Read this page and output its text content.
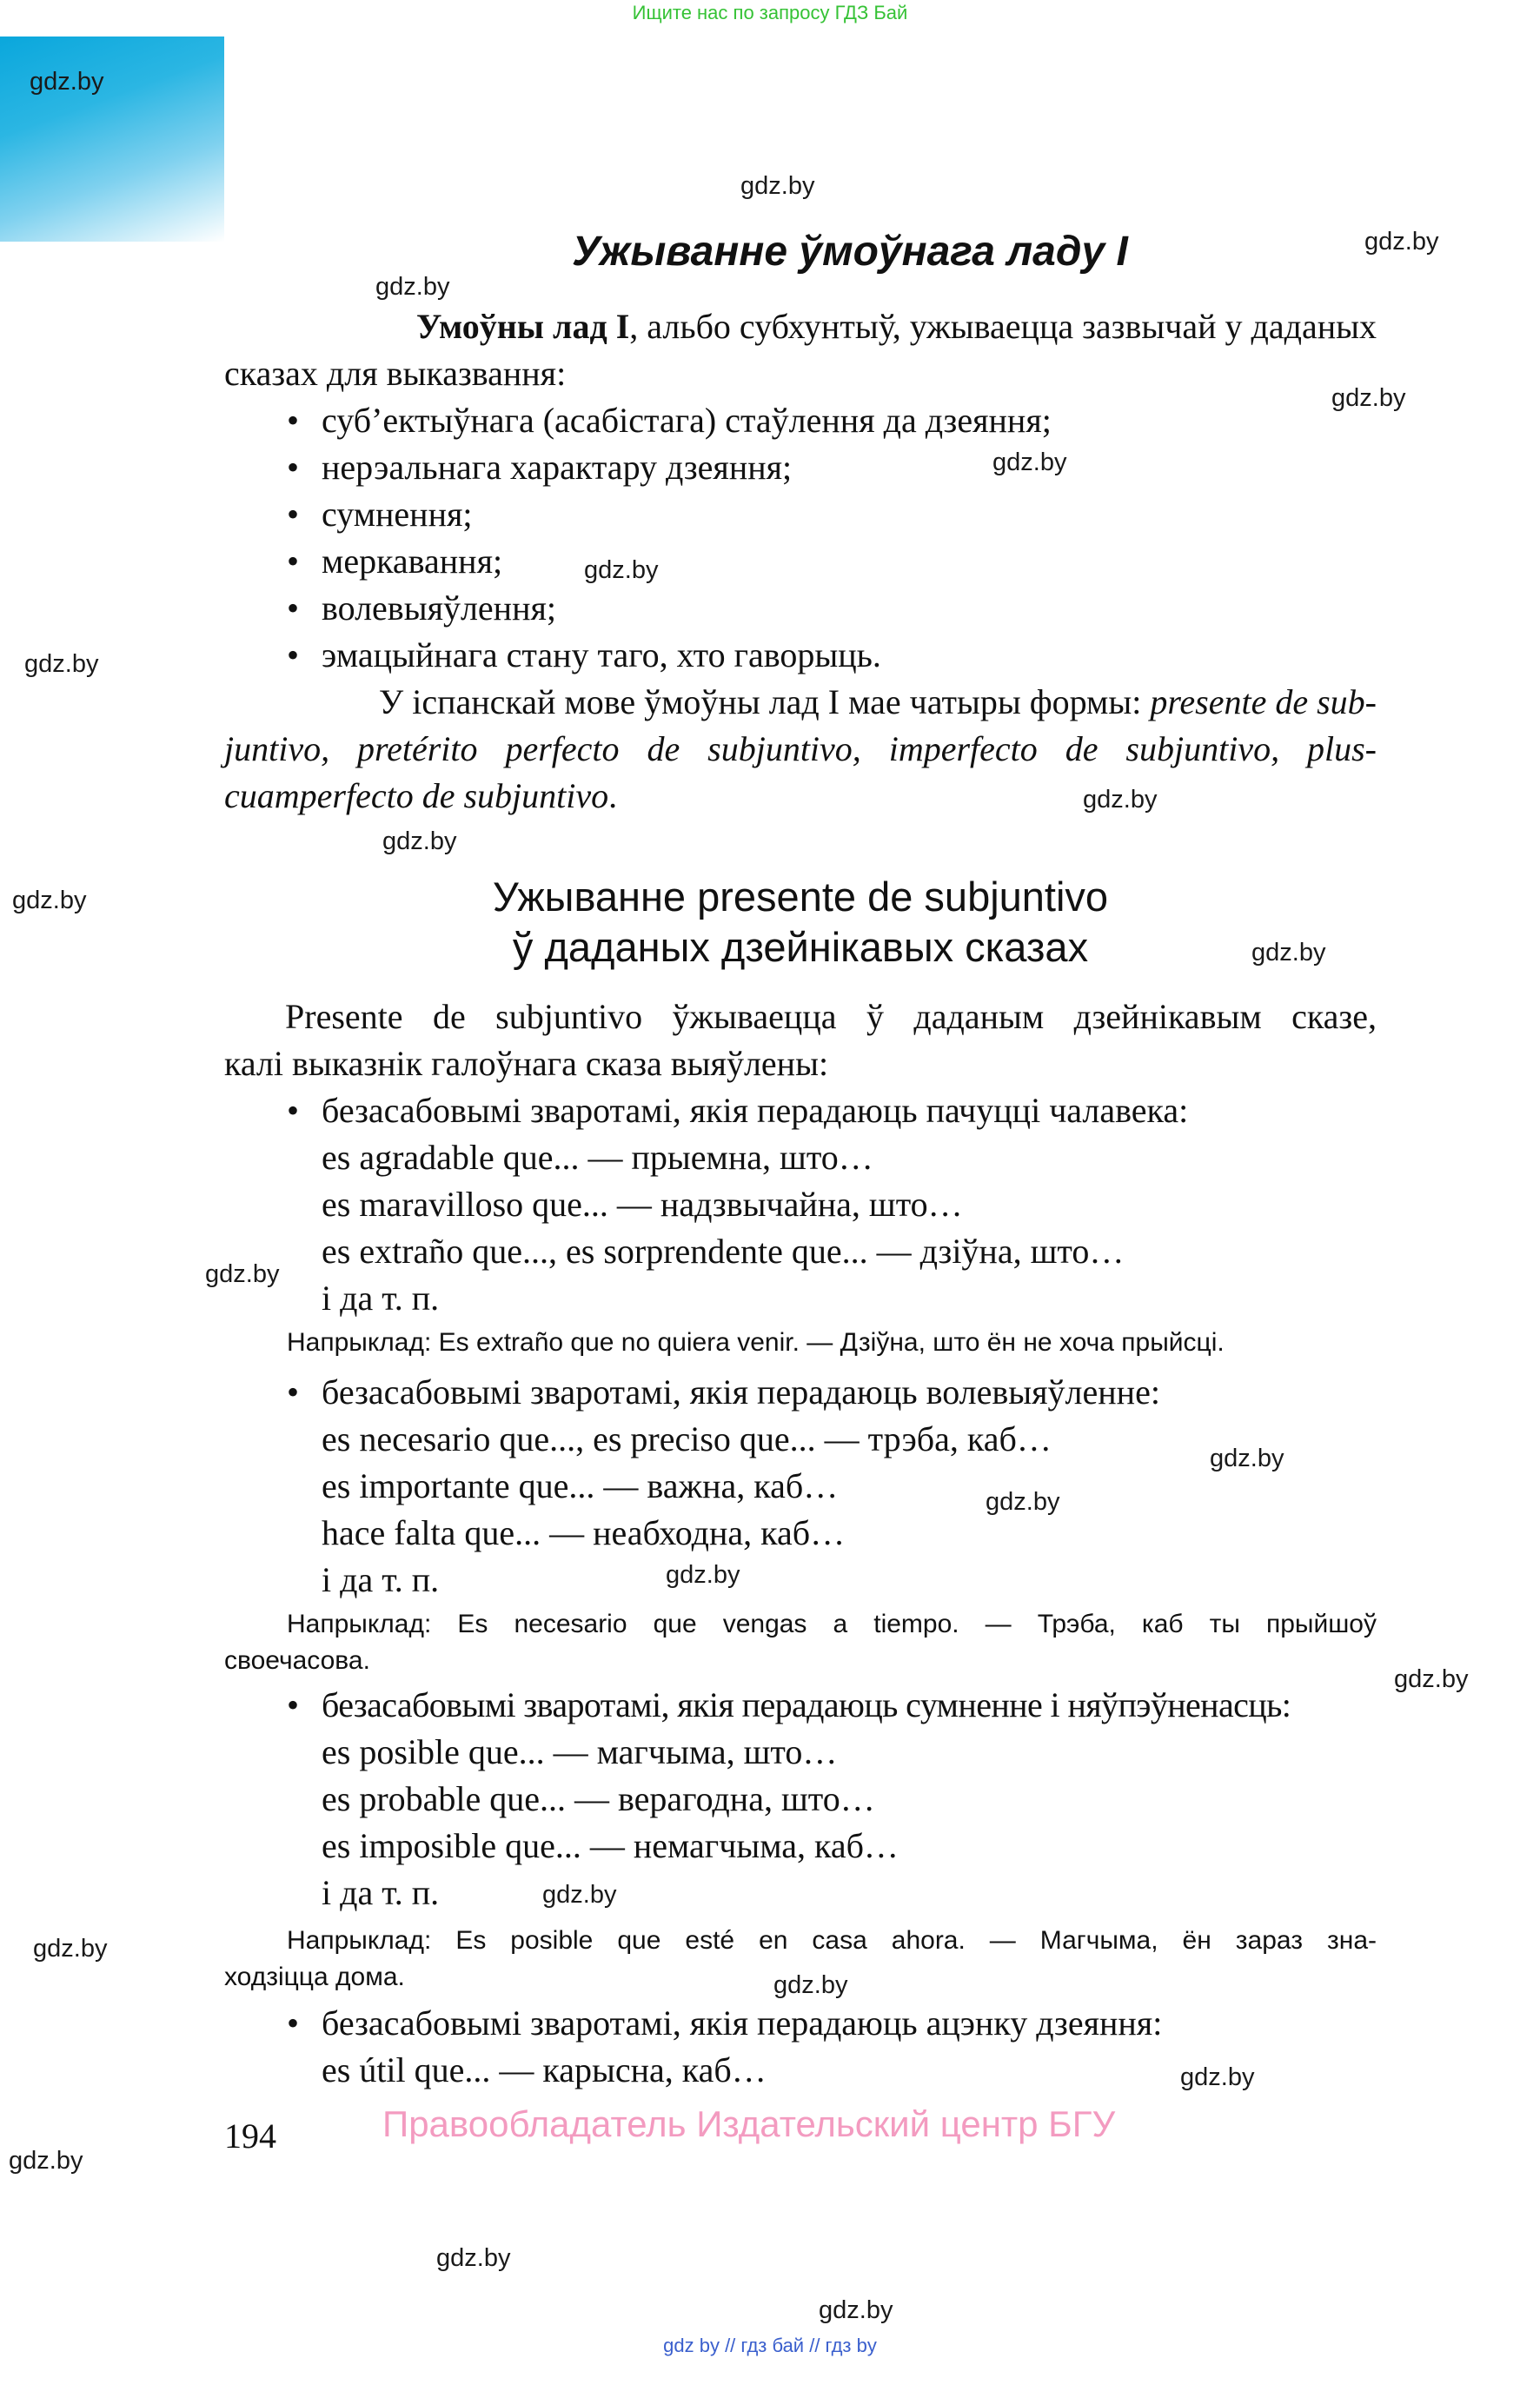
Ищите нас по запросу ГДЗ Бай
gdz.by
gdz.by
gdz.by
gdz.by
gdz.by
gdz.by
gdz.by
gdz.by
gdz.by
gdz.by
gdz.by
gdz.by
gdz.by
gdz.by
gdz.by
gdz.by
gdz.by
gdz.by
gdz.by
gdz.by
gdz.by
gdz.by
gdz.by
gdz.by
Ужыванне ўмоўнага ладу I
Умоўны лад I, альбо субхунтыў, ужываецца зазвычай у даданых
сказах для выказвання:
• суб’ектыўнага (асабістага) стаўлення да дзеяння;
• нерэальнага характару дзеяння;
• сумнення;
• меркавання;
• волевыяўлення;
• эмацыйнага стану таго, хто гаворыць.
У іспанскай мове ўмоўны лад I мае чатыры формы: presente de sub-
juntivo, pretérito perfecto de subjuntivo, imperfecto de subjuntivo, plus-
cuamperfecto de subjuntivo.
Ужыванне presente de subjuntivo
ў даданых дзейнікавых сказах
Presente de subjuntivo ўжываецца ў даданым дзейнікавым сказе,
калі выказнік галоўнага сказа выяўлены:
• безасабовымі зваротамі, якія перадаюць пачуцці чалавека:
es agradable que... — прыемна, што…
es maravilloso que... — надзвычайна, што…
es extraño que..., es sorprendente que... — дзіўна, што…
і да т. п.
Напрыклад: Es extraño que no quiera venir. — Дзіўна, што ён не хоча прыйсці.
• безасабовымі зваротамі, якія перадаюць волевыяўленне:
es necesario que..., es preciso que... — трэба, каб…
es importante que... — важна, каб…
hace falta que... — неабходна, каб…
і да т. п.
Напрыклад: Es necesario que vengas a tiempo. — Трэба, каб ты прыйшоў
своечасова.
• безасабовымі зваротамі, якія перадаюць сумненне і няўпэўненасць:
es posible que... — магчыма, што…
es probable que... — верагодна, што…
es imposible que... — немагчыма, каб…
і да т. п.
Напрыклад: Es posible que esté en casa ahora. — Магчыма, ён зараз зна-
ходзіцца дома.
• безасабовымі зваротамі, якія перадаюць ацэнку дзеяння:
es útil que... — карысна, каб…
194	Правообладатель Издательский центр БГУ
gdz by // гдз бай // гдз by
